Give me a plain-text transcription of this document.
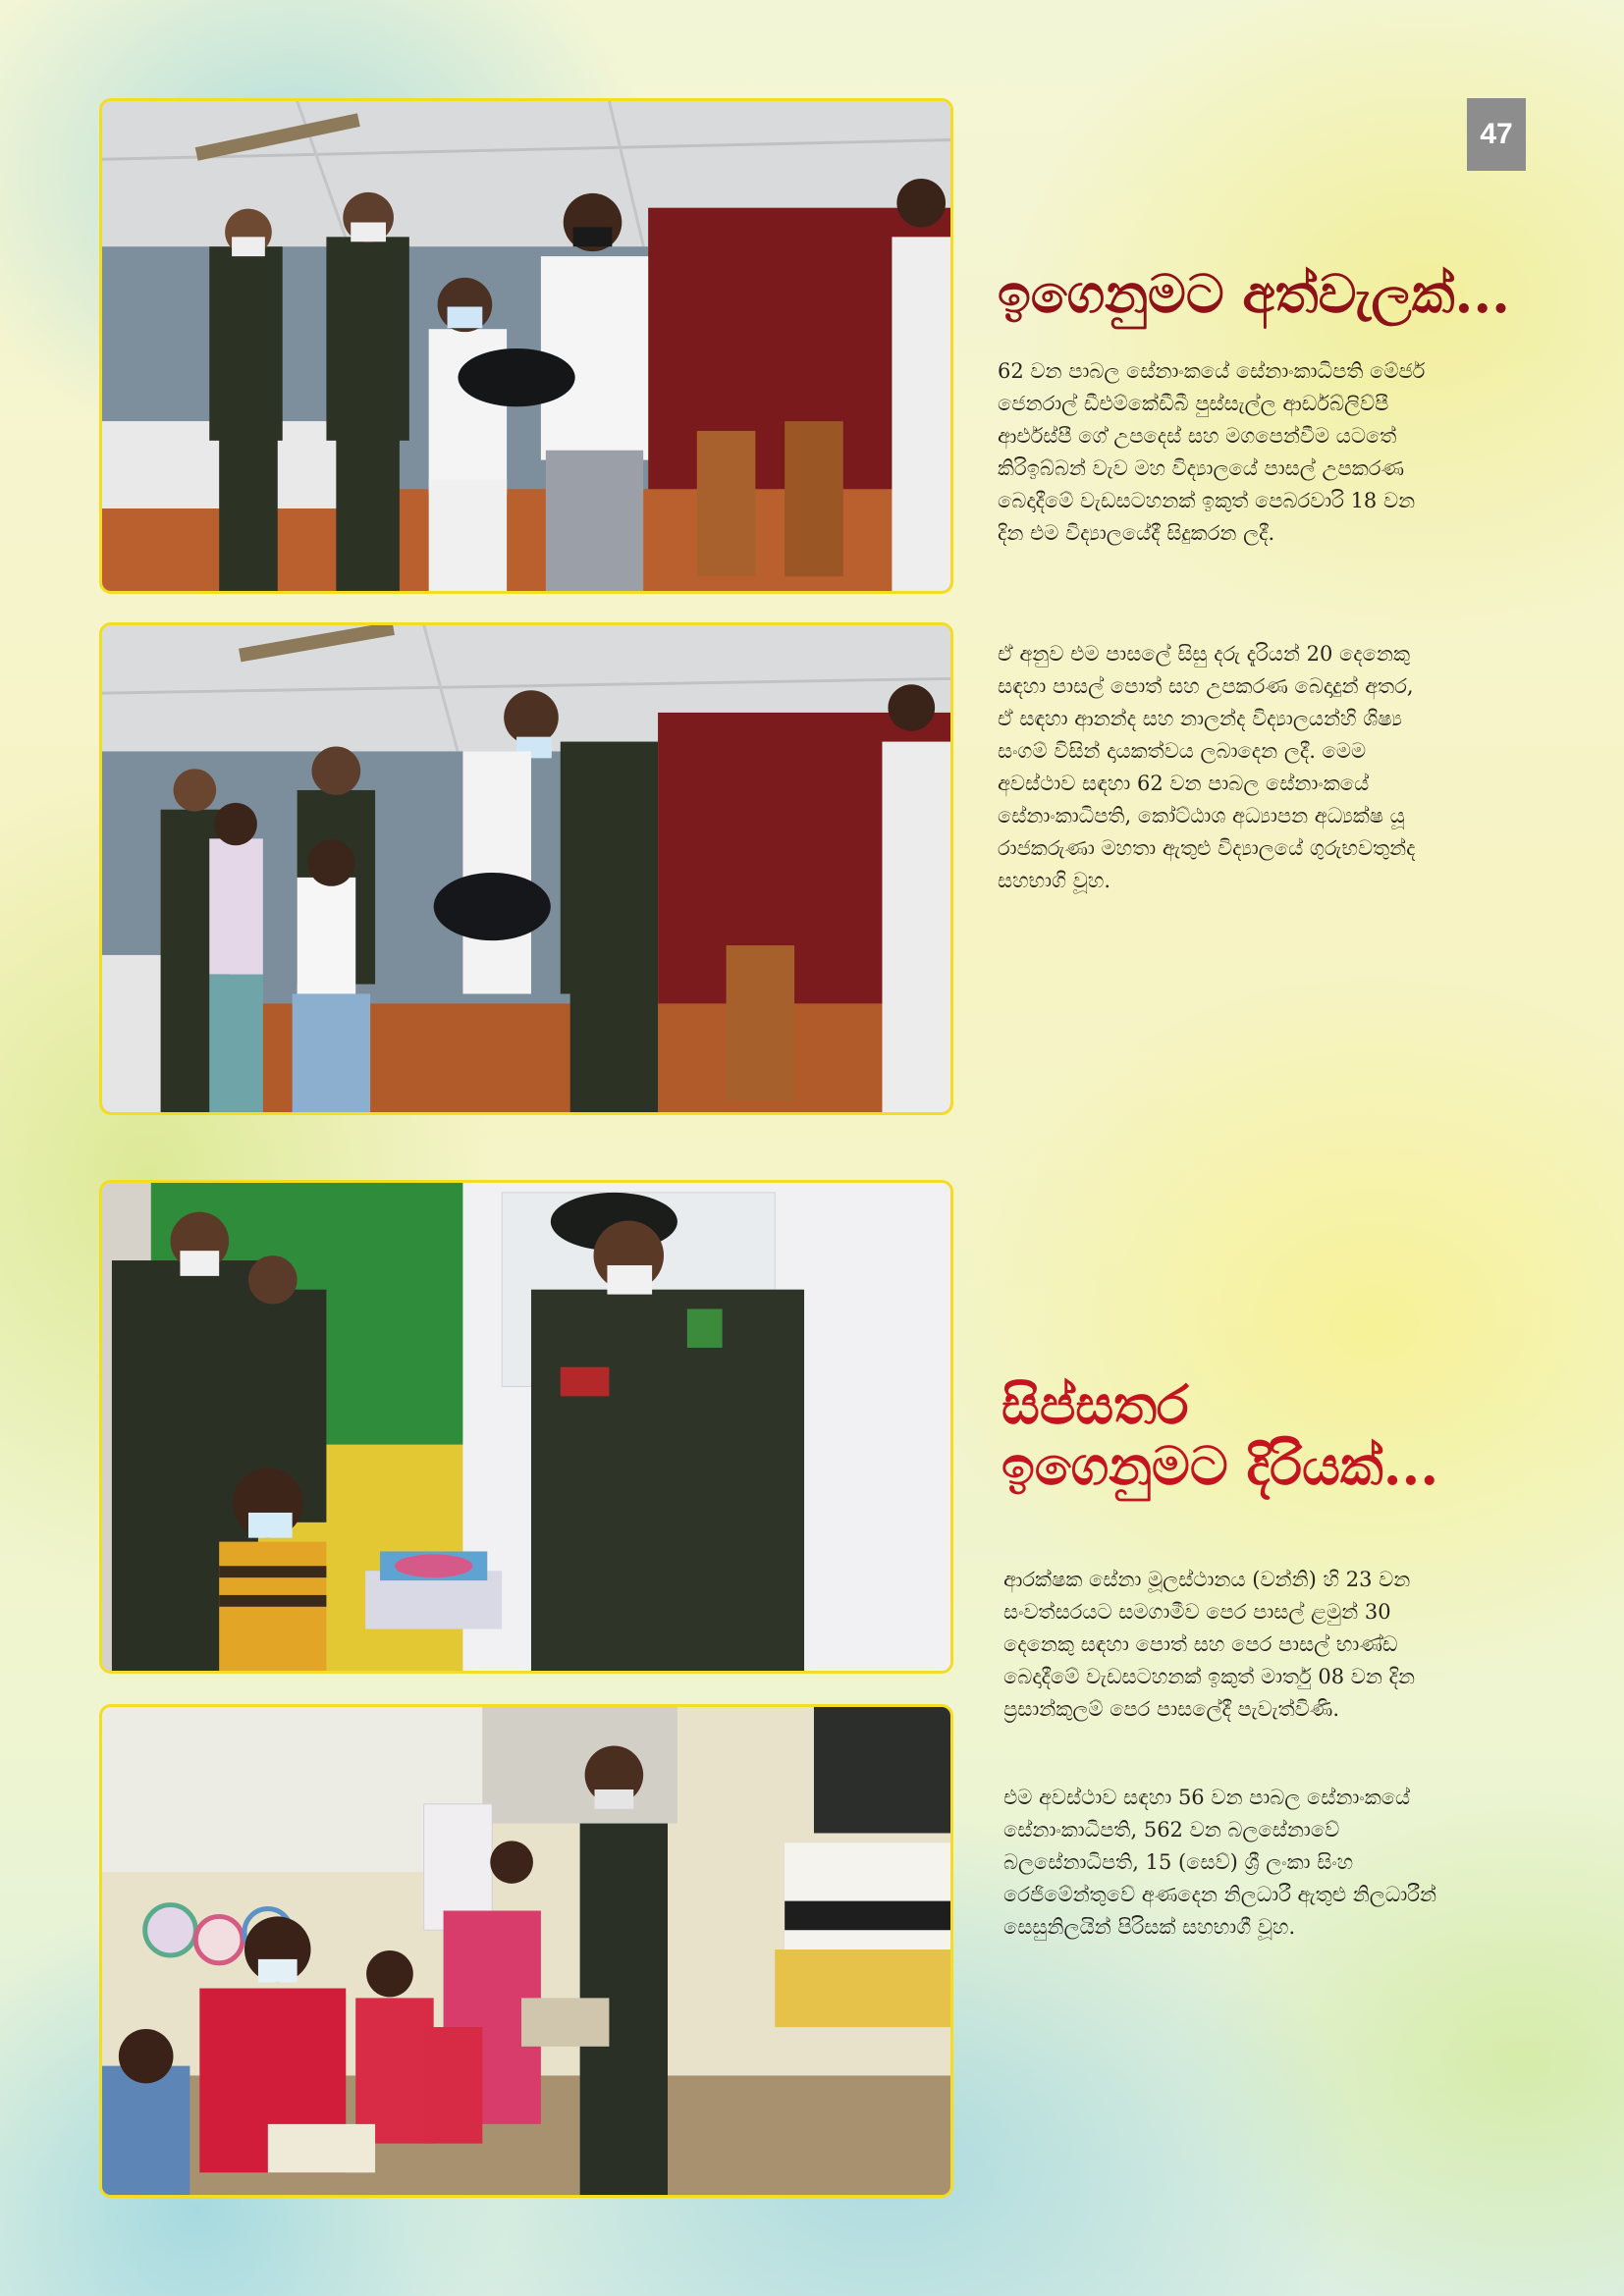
47
ඉගෙනුමට අත්වැලක්...

62 වන පාබල සේනාංකයේ සේනාංකාධිපති මේජර් ජෙනරාල් ඩීඑම්කේඩීබී පුස්සැල්ල ආර්ඩබ්ලිව්පී ආර්එස්පී ගේ උපදෙස් සහ මගපෙන්වීම යටතේ කිරිඉබ්බන් වැව මහ විද්‍යාලයේ පාසල් උපකරණ බෙදාදීමේ වැඩසටහනක් ඉකුත් පෙබරවාරි 18 වන දින එම විද්‍යාලයේදී සිදුකරන ලදී.

ඒ අනුව එම පාසලේ සිසු දරු දැරියන් 20 දෙනෙකු සඳහා පාසල් පොත් සහ උපකරණ බෙදාදුන් අතර, ඒ සඳහා ආනන්ද සහ නාලන්ද විද්‍යාලයන්හි ශිෂ්‍ය සංගම් විසින් දායකත්වය ලබාදෙන ලදී. මෙම අවස්ථාව සඳහා 62 වන පාබල සේනාංකයේ සේනාංකාධිපති, කෝට්ඨාශ අධ්‍යාපන අධ්‍යක්ෂ යූ රාජකරුණා මහතා ඇතුළු විද්‍යාලයේ ගුරුභවතුන්ද සහභාගි වූහ.

සිප්සතර
ඉගෙනුමට දිරියක්...

ආරක්ෂක සේනා මූලස්ථානය (වන්නි) හි 23 වන සංවත්සරයට සමගාමීව පෙර පාසල් ළමුන් 30 දෙනෙකු සඳහා පොත් සහ පෙර පාසල් භාණ්ඩ බෙදාදීමේ වැඩසටහනක් ඉකුත් මාර්තු 08 වන දින ප්‍රසාන්කුලම් පෙර පාසලේදී පැවැත්විණි.

එම අවස්ථාව සඳහා 56 වන පාබල සේනාංකයේ සේනාංකාධිපති, 562 වන බලසේනාවේ බලසේනාධිපති, 15 (සෙව්) ශ්‍රී ලංකා සිංහ රෙජිමේන්තුවේ අණදෙන නිලධාරී ඇතුළු නිලධාරීන් සෙසුනිලයින් පිරිසක් සහභාගී වූහ.
